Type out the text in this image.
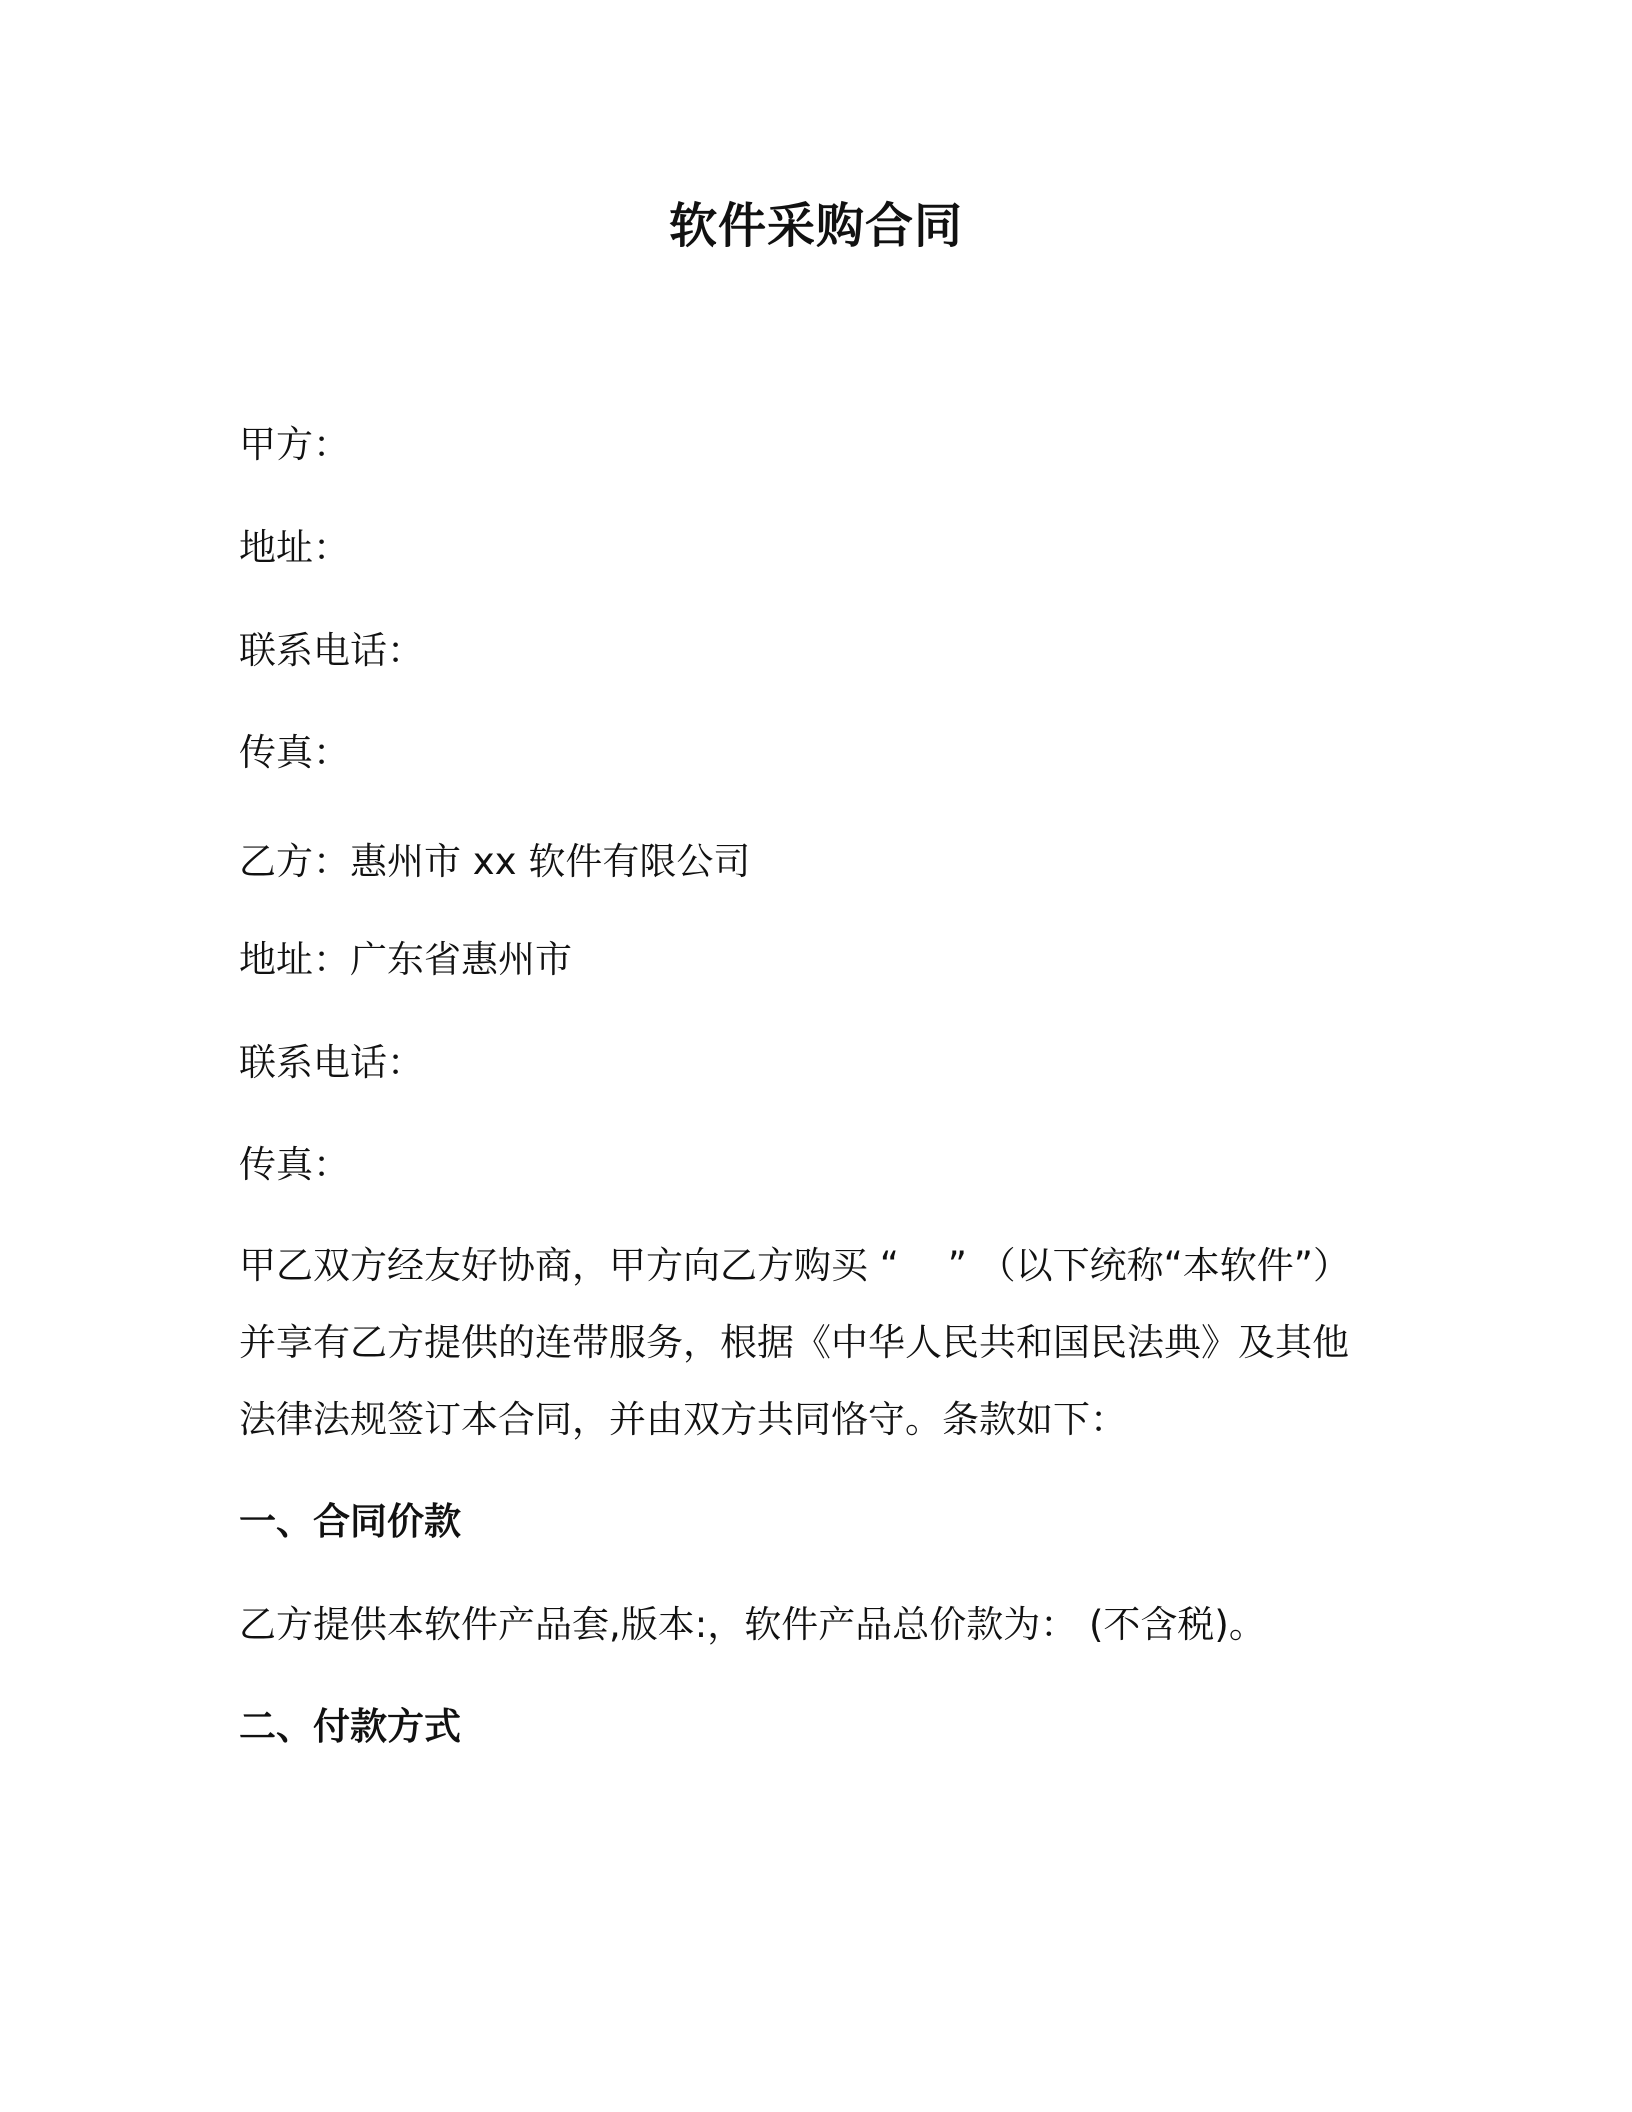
软件采购合同
甲方：
地址：
联系电话：
传真：
乙方：惠州市 xx 软件有限公司
地址：广东省惠州市
联系电话：
传真：
甲乙双方经友好协商，甲方向乙方购买 “　 ” （以下统称“本软件”）
并享有乙方提供的连带服务，根据《中华人民共和国民法典》及其他
法律法规签订本合同，并由双方共同恪守。条款如下：
一、合同价款
乙方提供本软件产品套,版本:，软件产品总价款为： (不含税)。
二、付款方式
